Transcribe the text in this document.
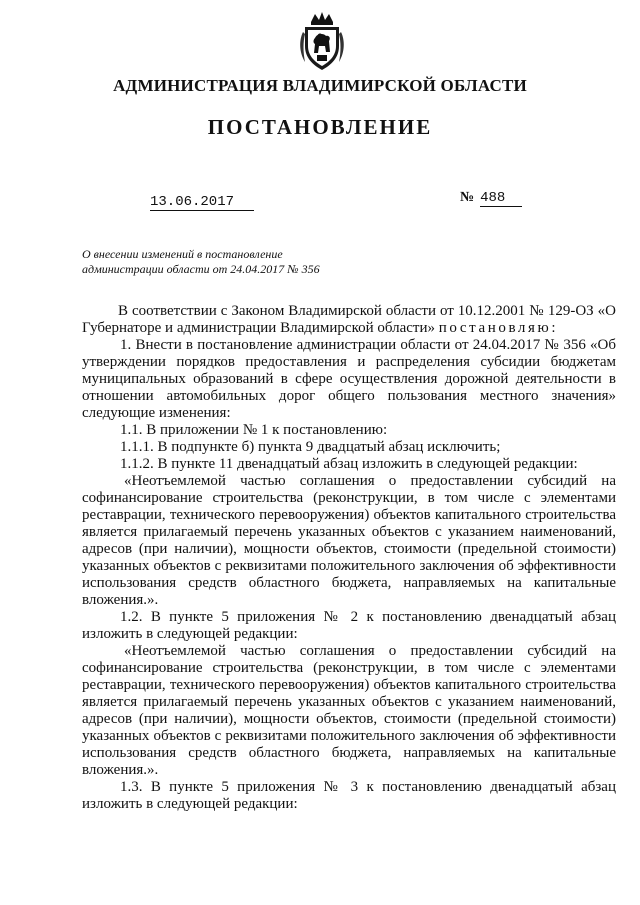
АДМИНИСТРАЦИЯ ВЛАДИМИРСКОЙ ОБЛАСТИ
ПОСТАНОВЛЕНИЕ
13.06.2017	№ 488
О внесении изменений в постановление
администрации области от 24.04.2017 № 356

В соответствии с Законом Владимирской области от 10.12.2001 № 129-ОЗ «О Губернаторе и администрации Владимирской области» постановляю:

1. Внести в постановление администрации области от 24.04.2017 № 356 «Об утверждении порядков предоставления и распределения субсидии бюджетам муниципальных образований в сфере осуществления дорожной деятельности в отношении автомобильных дорог общего пользования местного значения» следующие изменения:

1.1. В приложении № 1 к постановлению:

1.1.1. В подпункте б) пункта 9 двадцатый абзац исключить;

1.1.2. В пункте 11 двенадцатый абзац изложить в следующей редакции:

«Неотъемлемой частью соглашения о предоставлении субсидий на софинансирование строительства (реконструкции, в том числе с элементами реставрации, технического перевооружения) объектов капитального строительства является прилагаемый перечень указанных объектов с указанием наименований, адресов (при наличии), мощности объектов, стоимости (предельной стоимости) указанных объектов с реквизитами положительного заключения об эффективности использования средств областного бюджета, направляемых на капитальные вложения.».

1.2. В пункте 5 приложения № 2 к постановлению двенадцатый абзац изложить в следующей редакции:

«Неотъемлемой частью соглашения о предоставлении субсидий на софинансирование строительства (реконструкции, в том числе с элементами реставрации, технического перевооружения) объектов капитального строительства является прилагаемый перечень указанных объектов с указанием наименований, адресов (при наличии), мощности объектов, стоимости (предельной стоимости) указанных объектов с реквизитами положительного заключения об эффективности использования средств областного бюджета, направляемых на капитальные вложения.».

1.3. В пункте 5 приложения № 3 к постановлению двенадцатый абзац изложить в следующей редакции:
